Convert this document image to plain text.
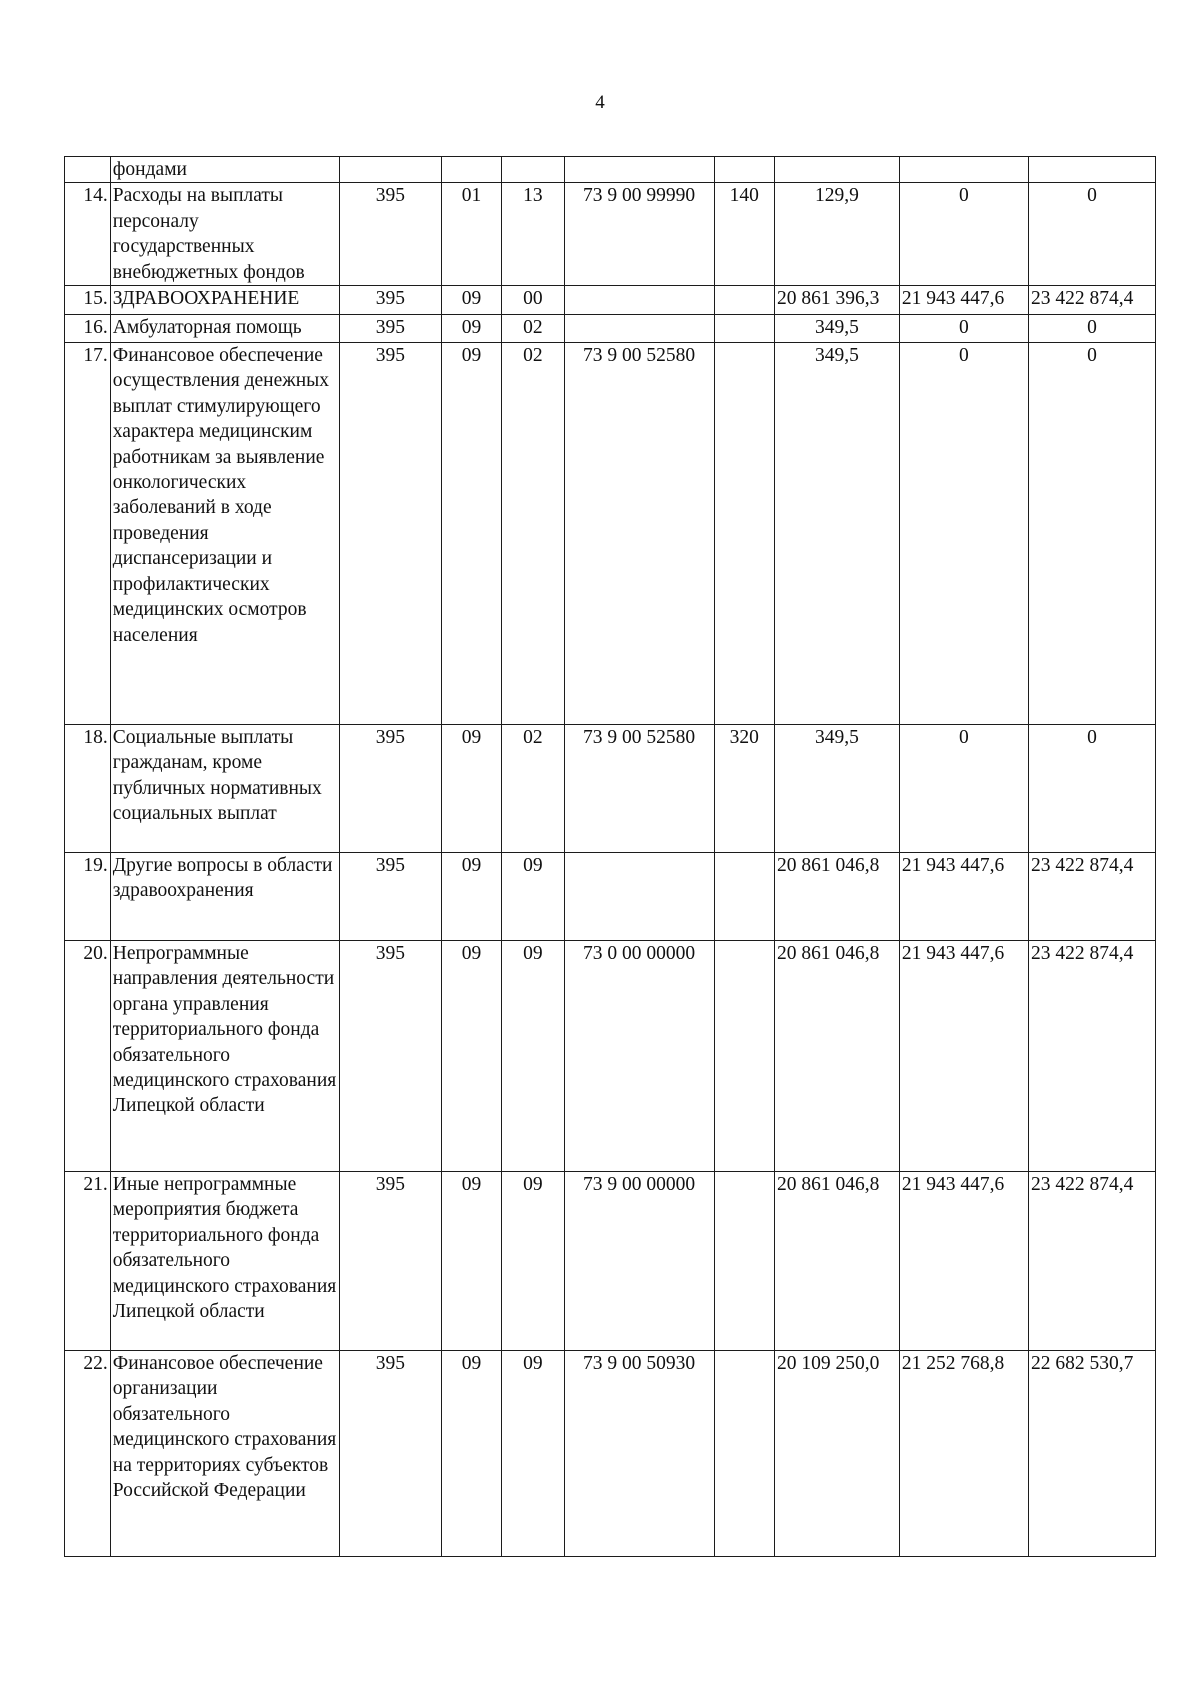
4
	фондами								
14.	Расходы на выплаты персоналу государственных внебюджетных фондов	395	01	13	73 9 00 99990	140	129,9	0	0
15.	ЗДРАВООХРАНЕНИЕ	395	09	00			20 861 396,3	21 943 447,6	23 422 874,4
16.	Амбулаторная помощь	395	09	02			349,5	0	0
17.	Финансовое обеспечение осуществления денежных выплат стимулирующего характера медицинским работникам за выявление онкологических заболеваний в ходе проведения диспансеризации и профилактических медицинских осмотров населения	395	09	02	73 9 00 52580		349,5	0	0
18.	Социальные выплаты гражданам, кроме публичных нормативных социальных выплат	395	09	02	73 9 00 52580	320	349,5	0	0
19.	Другие вопросы в области здравоохранения	395	09	09			20 861 046,8	21 943 447,6	23 422 874,4
20.	Непрограммные направления деятельности органа управления территориального фонда обязательного медицинского страхования Липецкой области	395	09	09	73 0 00 00000		20 861 046,8	21 943 447,6	23 422 874,4
21.	Иные непрограммные мероприятия бюджета территориального фонда обязательного медицинского страхования Липецкой области	395	09	09	73 9 00 00000		20 861 046,8	21 943 447,6	23 422 874,4
22.	Финансовое обеспечение организации обязательного медицинского страхования на территориях субъектов Российской Федерации	395	09	09	73 9 00 50930		20 109 250,0	21 252 768,8	22 682 530,7
